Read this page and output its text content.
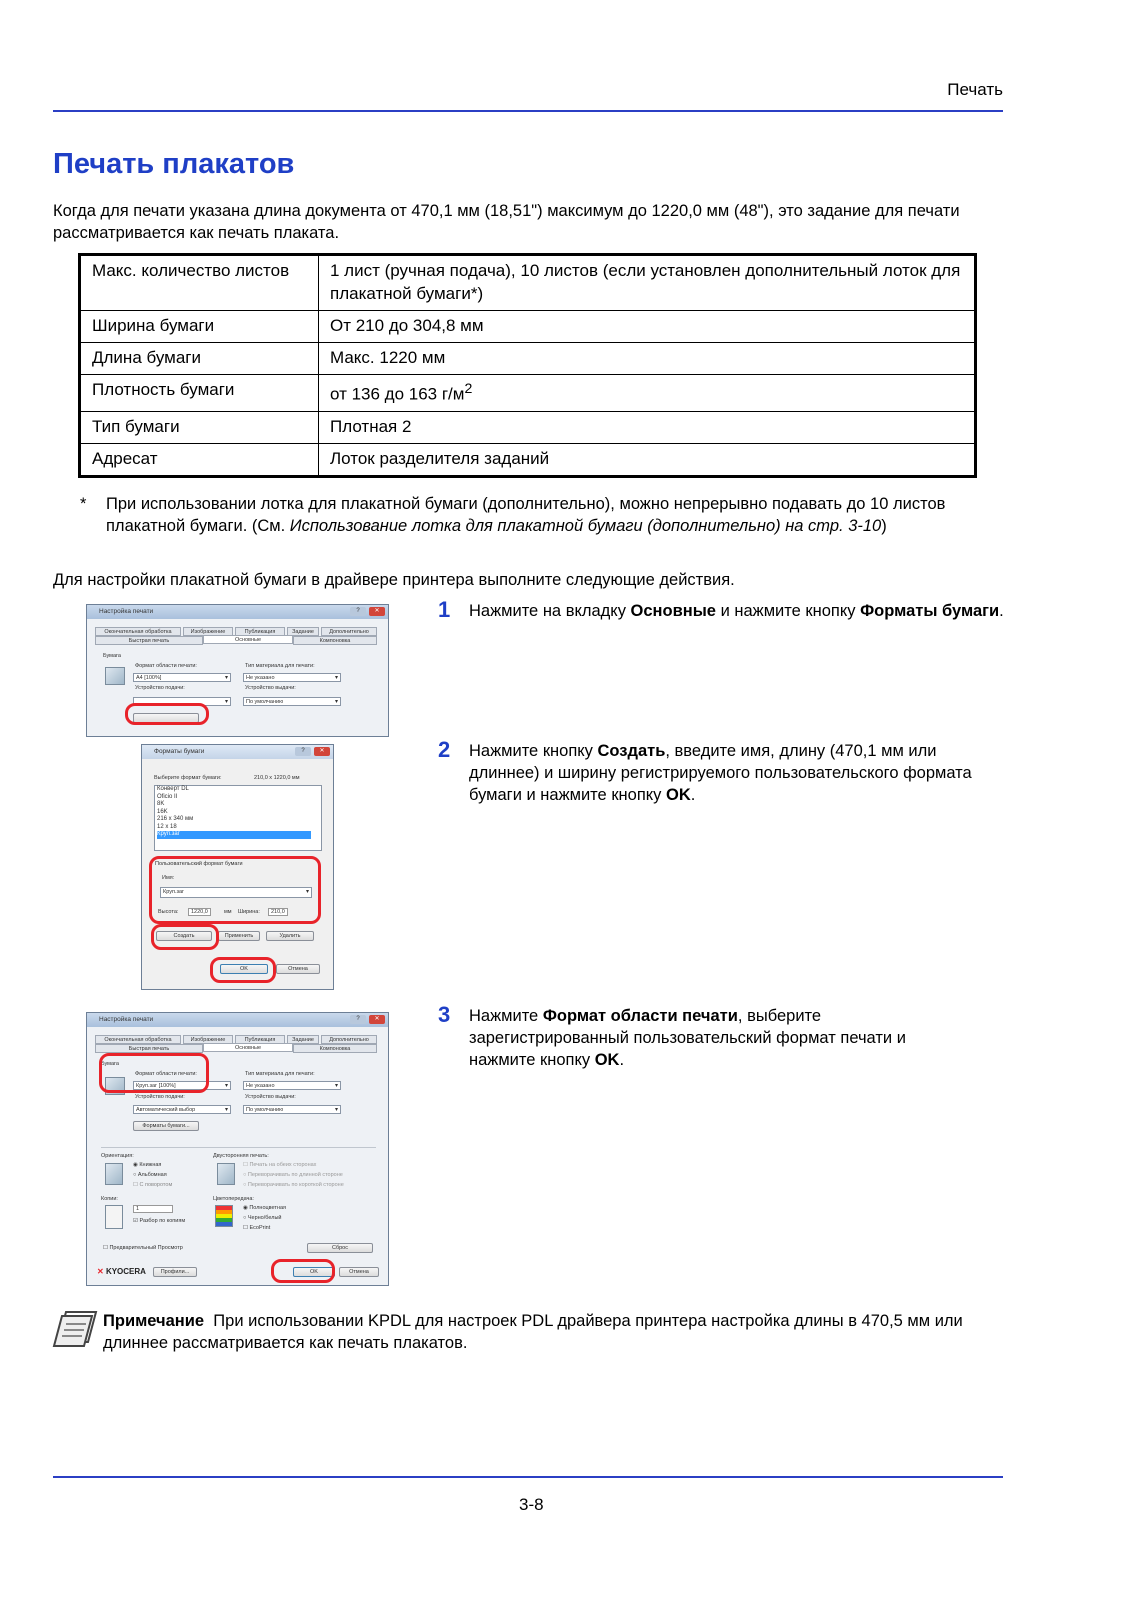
Печать
Печать плакатов
Когда для печати указана длина документа от 470,1 мм (18,51") максимум до 1220,0 мм (48"), это задание для печати рассматривается как печать плаката.
Макс. количество листов	1 лист (ручная подача), 10 листов (если установлен дополнительный лоток для плакатной бумаги*)
Ширина бумаги	От 210 до 304,8 мм
Длина бумаги	Макс. 1220 мм
Плотность бумаги	от 136 до 163 $г/м^2$
Тип бумаги	Плотная 2
Адресат	Лоток разделителя заданий
* При использовании лотка для плакатной бумаги (дополнительно), можно непрерывно подавать до 10 листов плакатной бумаги. (См. Использование лотка для плакатной бумаги (дополнительно) на стр. 3-10)
Для настройки плакатной бумаги в драйвере принтера выполните следующие действия.
Настройка печати	?	✕
Окончательная обработка	Изображение	Публикация	Задание	Дополнительно
Быстрая печать	Основные	Компоновка
Бумага
Формат области печати:
A4 [100%] ▾
Устройство подачи:
▾
Тип материала для печати:
Не указано ▾
Устройство выдачи:
По умолчанию ▾
Форматы бумаги	?	✕
Выберите формат бумаги:	210,0 x 1220,0 мм
Конверт DL
Oficio II
8K
16K
216 x 340 мм
12 x 18
Круп.заг
Пользовательский формат бумаги
Имя:
Круп.заг ▾
Высота:	1220,0	мм Ширина:	210,0
Создать	Применить	Удалить
OK	Отмена
Настройка печати	?	✕
Окончательная обработка	Изображение	Публикация	Задание	Дополнительно
Быстрая печать	Основные	Компоновка
Бумага
Формат области печати:
Круп.заг [100%] ▾
Устройство подачи:
Автоматический выбор ▾
Форматы бумаги...
Тип материала для печати:
Не указано ▾
Устройство выдачи:
По умолчанию ▾
Ориентация:
◉ Книжная
○ Альбомная
☐ С поворотом
Двусторонняя печать:
☐ Печать на обеих сторонах
○ Переворачивать по длинной стороне
○ Переворачивать по короткой стороне
Копии:
1
☑ Разбор по копиям
Цветопередача:
◉ Полноцветная
○ Черно/белый
☐ EcoPrint
☐ Предварительный Просмотр	Сброс
✕ KYOCERA	Профили...	OK	Отмена
1 Нажмите на вкладку Основные и нажмите кнопку Форматы бумаги.
2 Нажмите кнопку Создать, введите имя, длину (470,1 мм или длиннее) и ширину регистрируемого пользовательского формата бумаги и нажмите кнопку OK.
3 Нажмите Формат области печати, выберите зарегистрированный пользовательский формат печати и нажмите кнопку OK.
Примечание При использовании KPDL для настроек PDL драйвера принтера настройка длины в 470,5 мм или длиннее рассматривается как печать плакатов.
3-8
